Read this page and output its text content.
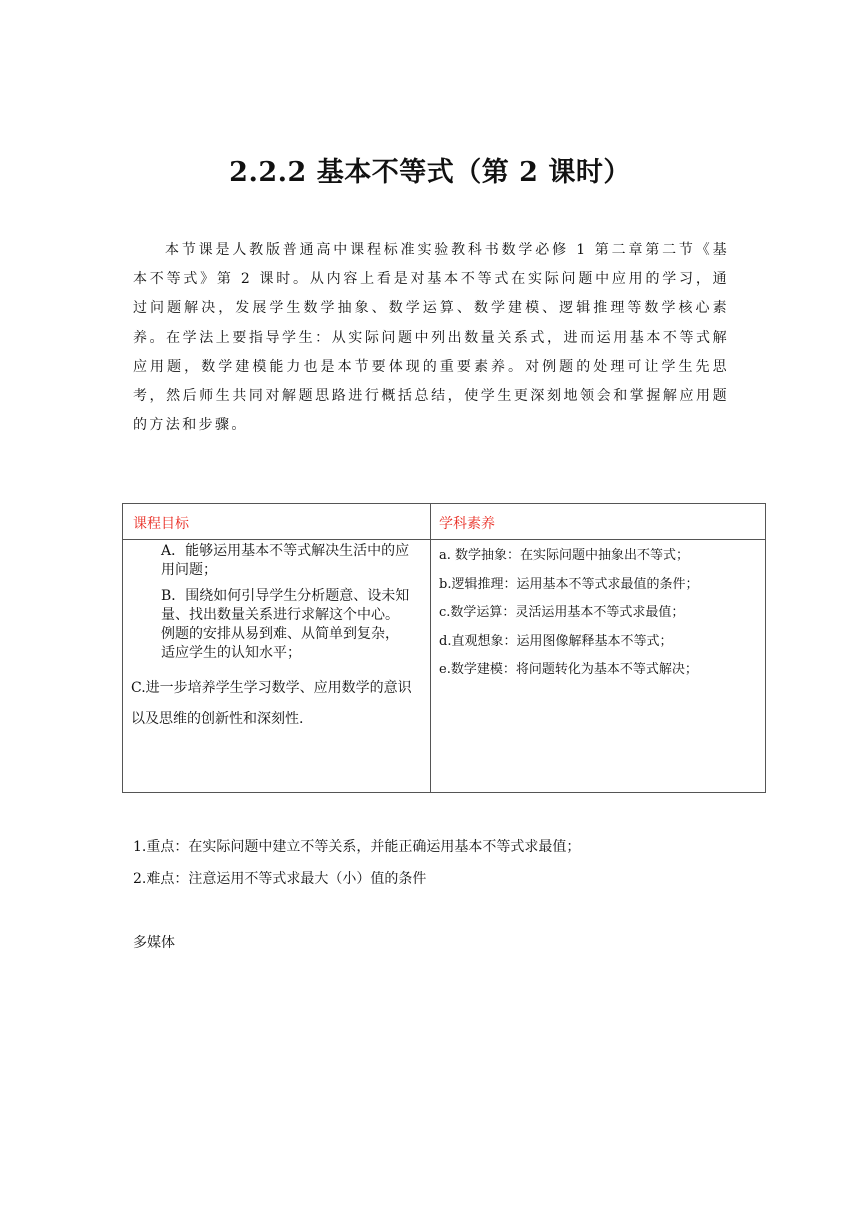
2.2.2 基本不等式（第 2 课时）

本节课是人教版普通高中课程标准实验教科书数学必修 1 第二章第二节《基本不等式》第 2 课时。从内容上看是对基本不等式在实际问题中应用的学习，通过问题解决，发展学生数学抽象、数学运算、数学建模、逻辑推理等数学核心素养。在学法上要指导学生：从实际问题中列出数量关系式，进而运用基本不等式解应用题，数学建模能力也是本节要体现的重要素养。对例题的处理可让学生先思考，然后师生共同对解题思路进行概括总结，使学生更深刻地领会和掌握解应用题的方法和步骤。

课程目标	学科素养

A．能够运用基本不等式解决生活中的应用问题；

B．围绕如何引导学生分析题意、设未知量、找出数量关系进行求解这个中心。例题的安排从易到难、从简单到复杂，适应学生的认知水平；

C.进一步培养学生学习数学、应用数学的意识以及思维的创新性和深刻性.

a. 数学抽象：在实际问题中抽象出不等式；
b.逻辑推理：运用基本不等式求最值的条件；
c.数学运算：灵活运用基本不等式求最值；
d.直观想象：运用图像解释基本不等式；
e.数学建模：将问题转化为基本不等式解决；

1.重点：在实际问题中建立不等关系，并能正确运用基本不等式求最值；

2.难点：注意运用不等式求最大（小）值的条件

多媒体
